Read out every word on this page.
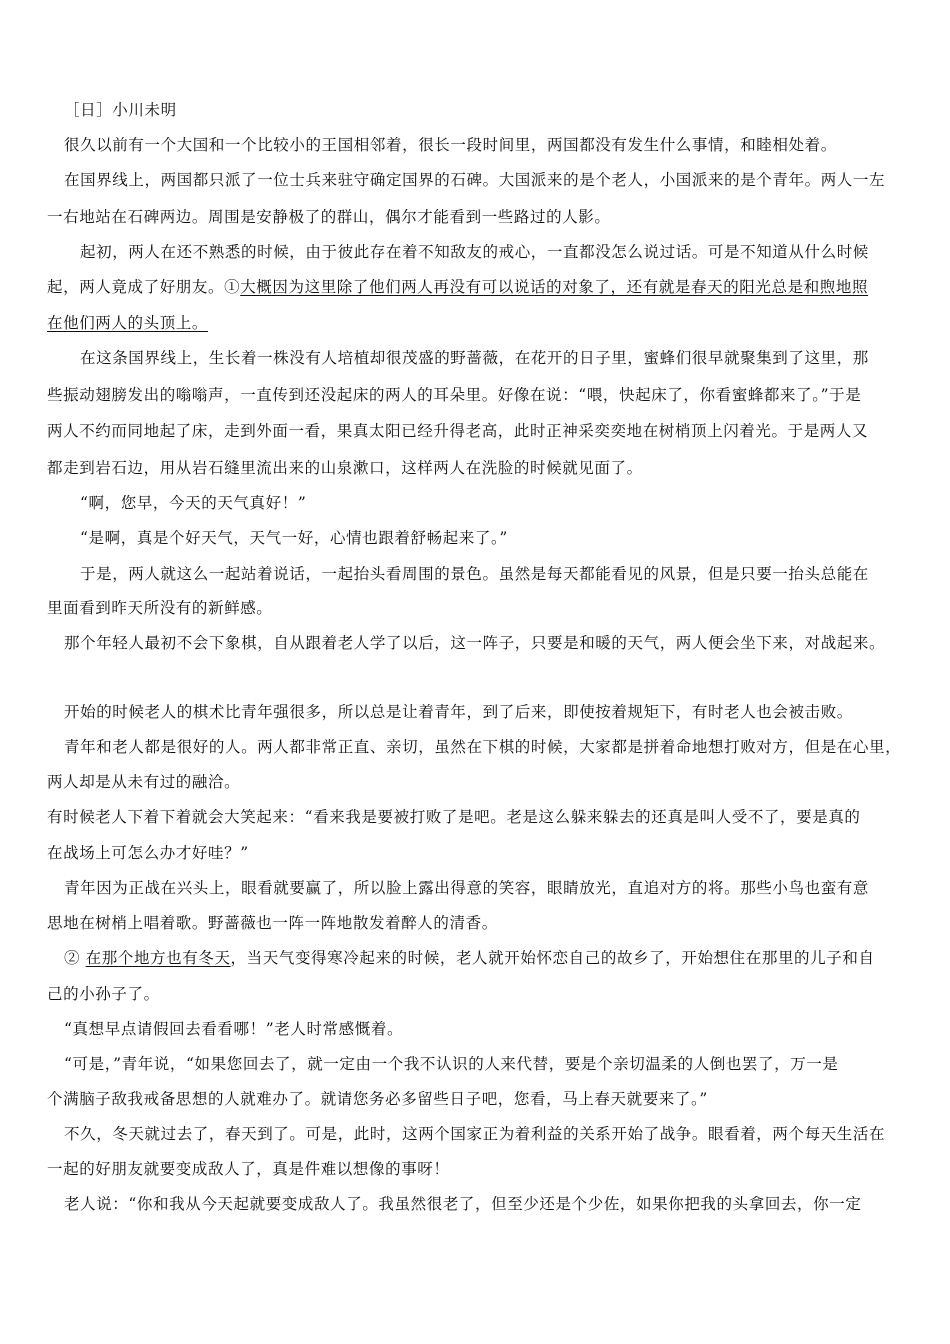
［日］小川未明
很久以前有一个大国和一个比较小的王国相邻着，很长一段时间里，两国都没有发生什么事情，和睦相处着。
在国界线上，两国都只派了一位士兵来驻守确定国界的石碑。大国派来的是个老人，小国派来的是个青年。两人一左
一右地站在石碑两边。周围是安静极了的群山，偶尔才能看到一些路过的人影。
起初，两人在还不熟悉的时候，由于彼此存在着不知敌友的戒心，一直都没怎么说过话。可是不知道从什么时候
起，两人竟成了好朋友。①大概因为这里除了他们两人再没有可以说话的对象了，还有就是春天的阳光总是和煦地照
在他们两人的头顶上。
在这条国界线上，生长着一株没有人培植却很茂盛的野蔷薇，在花开的日子里，蜜蜂们很早就聚集到了这里，那
些振动翅膀发出的嗡嗡声，一直传到还没起床的两人的耳朵里。好像在说：“喂，快起床了，你看蜜蜂都来了。”于是
两人不约而同地起了床，走到外面一看，果真太阳已经升得老高，此时正神采奕奕地在树梢顶上闪着光。于是两人又
都走到岩石边，用从岩石缝里流出来的山泉漱口，这样两人在洗脸的时候就见面了。
“啊，您早，今天的天气真好！”
“是啊，真是个好天气，天气一好，心情也跟着舒畅起来了。”
于是，两人就这么一起站着说话，一起抬头看周围的景色。虽然是每天都能看见的风景，但是只要一抬头总能在
里面看到昨天所没有的新鲜感。
那个年轻人最初不会下象棋，自从跟着老人学了以后，这一阵子，只要是和暖的天气，两人便会坐下来，对战起来。
开始的时候老人的棋术比青年强很多，所以总是让着青年，到了后来，即使按着规矩下，有时老人也会被击败。
青年和老人都是很好的人。两人都非常正直、亲切，虽然在下棋的时候，大家都是拼着命地想打败对方，但是在心里，
两人却是从未有过的融洽。
有时候老人下着下着就会大笑起来：“看来我是要被打败了是吧。老是这么躲来躲去的还真是叫人受不了，要是真的
在战场上可怎么办才好哇？”
青年因为正战在兴头上，眼看就要赢了，所以脸上露出得意的笑容，眼睛放光，直追对方的将。那些小鸟也蛮有意
思地在树梢上唱着歌。野蔷薇也一阵一阵地散发着醉人的清香。
② 在那个地方也有冬天，当天气变得寒冷起来的时候，老人就开始怀恋自己的故乡了，开始想住在那里的儿子和自
己的小孙子了。
“真想早点请假回去看看哪！”老人时常感慨着。
“可是，”青年说，“如果您回去了，就一定由一个我不认识的人来代替，要是个亲切温柔的人倒也罢了，万一是
个满脑子敌我戒备思想的人就难办了。就请您务必多留些日子吧，您看，马上春天就要来了。”
不久，冬天就过去了，春天到了。可是，此时，这两个国家正为着利益的关系开始了战争。眼看着，两个每天生活在
一起的好朋友就要变成敌人了，真是件难以想像的事呀！
老人说：“你和我从今天起就要变成敌人了。我虽然很老了，但至少还是个少佐，如果你把我的头拿回去，你一定
